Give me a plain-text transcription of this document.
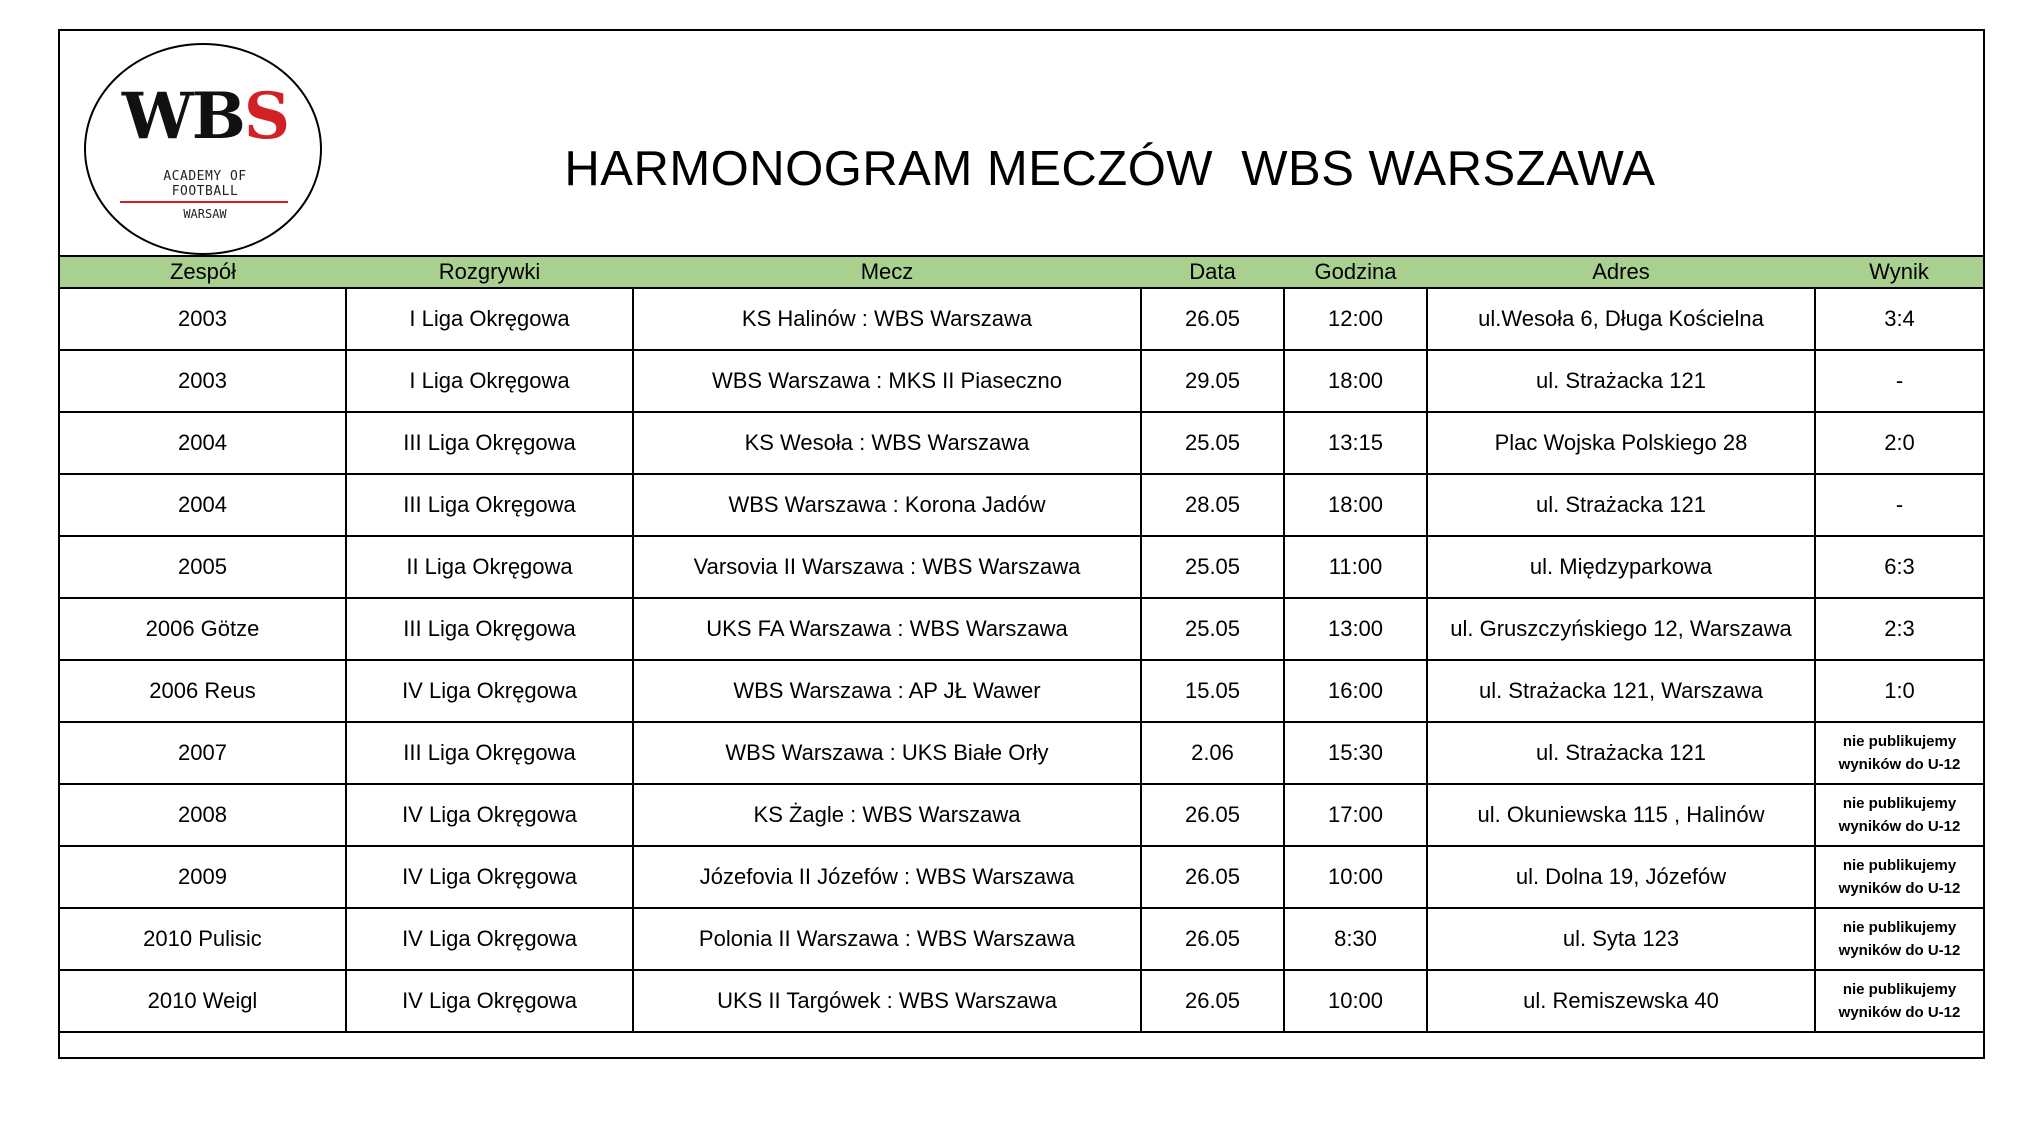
WBS
ACADEMY OF FOOTBALL
WARSAW
HARMONOGRAM MECZÓW  WBS WARSZAWA
Zespół	Rozgrywki	Mecz	Data	Godzina	Adres	Wynik
2003	I Liga Okręgowa	KS Halinów : WBS Warszawa	26.05	12:00	ul.Wesoła 6, Długa Kościelna	3:4
2003	I Liga Okręgowa	WBS Warszawa : MKS II Piaseczno	29.05	18:00	ul. Strażacka 121	-
2004	III Liga Okręgowa	KS Wesoła : WBS Warszawa	25.05	13:15	Plac Wojska Polskiego 28	2:0
2004	III Liga Okręgowa	WBS Warszawa : Korona Jadów	28.05	18:00	ul. Strażacka 121	-
2005	II Liga Okręgowa	Varsovia II Warszawa : WBS Warszawa	25.05	11:00	ul. Międzyparkowa	6:3
2006 Götze	III Liga Okręgowa	UKS FA Warszawa : WBS Warszawa	25.05	13:00	ul. Gruszczyńskiego 12, Warszawa	2:3
2006 Reus	IV Liga Okręgowa	WBS Warszawa : AP JŁ Wawer	15.05	16:00	ul. Strażacka 121, Warszawa	1:0
2007	III Liga Okręgowa	WBS Warszawa : UKS Białe Orły	2.06	15:30	ul. Strażacka 121	nie publikujemy wyników do U-12
2008	IV Liga Okręgowa	KS Żagle : WBS Warszawa	26.05	17:00	ul. Okuniewska 115 , Halinów	nie publikujemy wyników do U-12
2009	IV Liga Okręgowa	Józefovia II Józefów : WBS Warszawa	26.05	10:00	ul. Dolna 19, Józefów	nie publikujemy wyników do U-12
2010 Pulisic	IV Liga Okręgowa	Polonia II Warszawa : WBS Warszawa	26.05	8:30	ul. Syta 123	nie publikujemy wyników do U-12
2010 Weigl	IV Liga Okręgowa	UKS II Targówek : WBS Warszawa	26.05	10:00	ul. Remiszewska 40	nie publikujemy wyników do U-12
